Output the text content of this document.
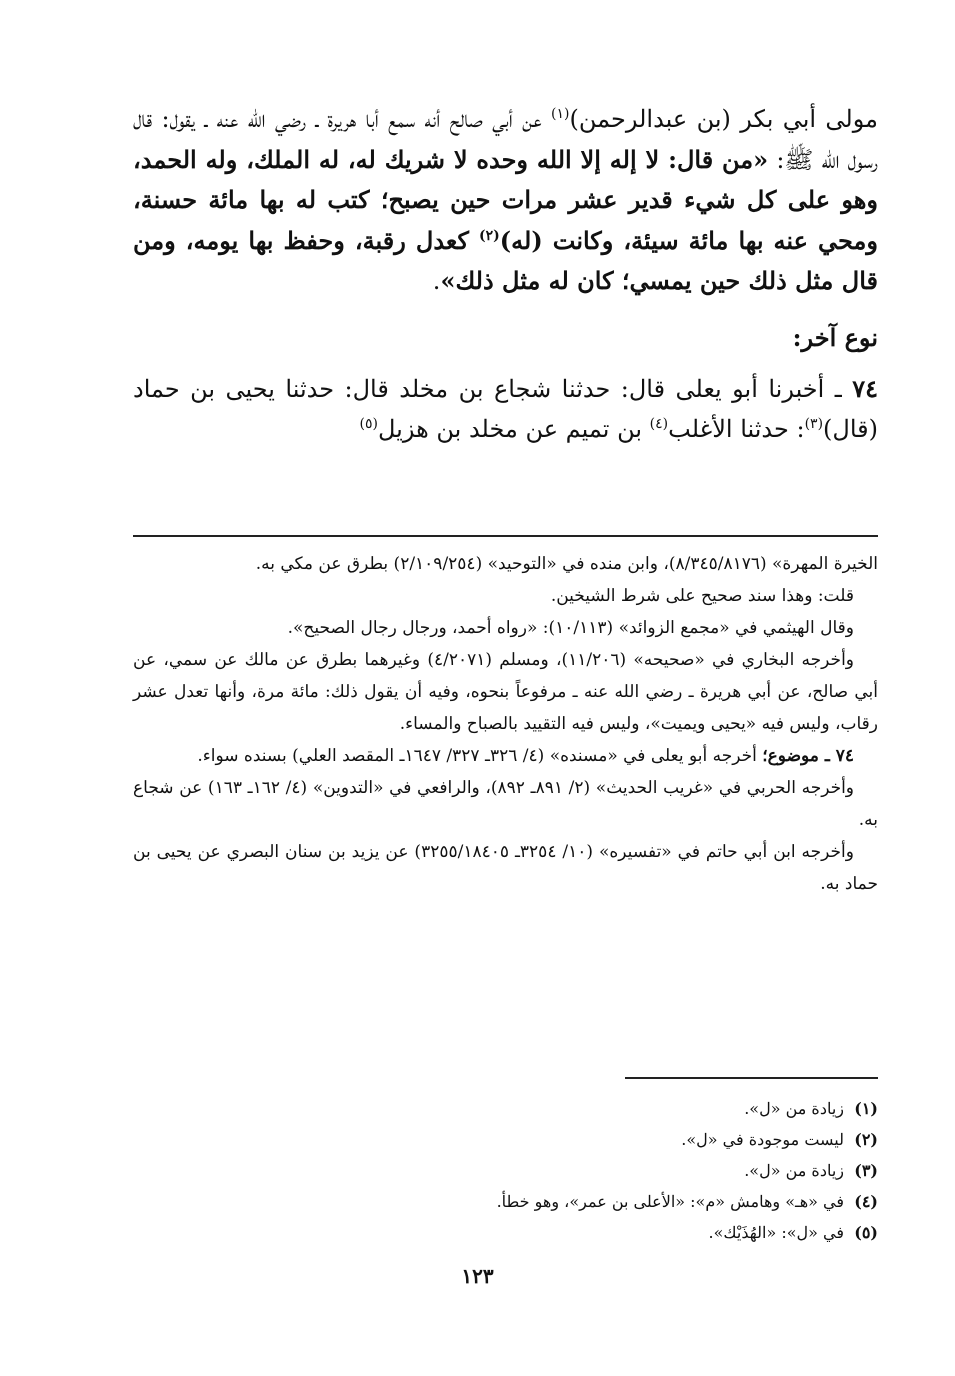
مولى أبي بكر (بن عبدالرحمن)$^{(١)}$ عن أبي صالح أنه سمع أبا هريرة ـ رضي الله عنه ـ يقول: قال رسول الله ﷺ: «من قال: لا إله إلا الله وحده لا شريك له، له الملك، وله الحمد، وهو على كل شيء قدير عشر مرات حين يصبح؛ كتب له بها مائة حسنة، ومحي عنه بها مائة سيئة، وكانت (له)$^{(٢)}$ كعدل رقبة، وحفظ بها يومه، ومن قال مثل ذلك حين يمسي؛ كان له مثل ذلك».

نوع آخر:

٧٤ ـ أخبرنا أبو يعلى قال: حدثنا شجاع بن مخلد قال: حدثنا يحيى بن حماد (قال)$^{(٣)}$: حدثنا الأغلب$^{(٤)}$ بن تميم عن مخلد بن هزيل$^{(٥)}$

الخيرة المهرة» (٨/٣٤٥/٨١٧٦)، وابن منده في «التوحيد» (٢/١٠٩/٢٥٤) بطرق عن مكي به.

قلت: وهذا سند صحيح على شرط الشيخين.

وقال الهيثمي في «مجمع الزوائد» (١٠/١١٣): «رواه أحمد، ورجال رجال الصحيح».

وأخرجه البخاري في «صحيحه» (١١/٢٠٦)، ومسلم (٤/٢٠٧١) وغيرهما بطرق عن مالك عن سمي، عن أبي صالح، عن أبي هريرة ـ رضي الله عنه ـ مرفوعاً بنحوه، وفيه أن يقول ذلك: مائة مرة، وأنها تعدل عشر رقاب، وليس فيه «يحيى ويميت»، وليس فيه التقييد بالصباح والمساء.

٧٤ ـ موضوع؛ أخرجه أبو يعلى في «مسنده» (٤/ ٣٢٦ـ ٣٢٧/ ١٦٤٧ـ المقصد العلي) بسنده سواء.

وأخرجه الحربي في «غريب الحديث» (٢/ ٨٩١ـ ٨٩٢)، والرافعي في «التدوين» (٤/ ١٦٢ـ ١٦٣) عن شجاع به.

وأخرجه ابن أبي حاتم في «تفسيره» (١٠/ ٣٢٥٤ـ ٣٢٥٥/١٨٤٠٥) عن يزيد بن سنان البصري عن يحيى بن حماد به.

(١)زيادة من «ل».
(٢)ليست موجودة في «ل».
(٣)زيادة من «ل».
(٤)في «هـ» وهامش «م»: «الأعلى بن عمر»، وهو خطأ.
(٥)في «ل»: «الهُذَيْك».
١٢٣
